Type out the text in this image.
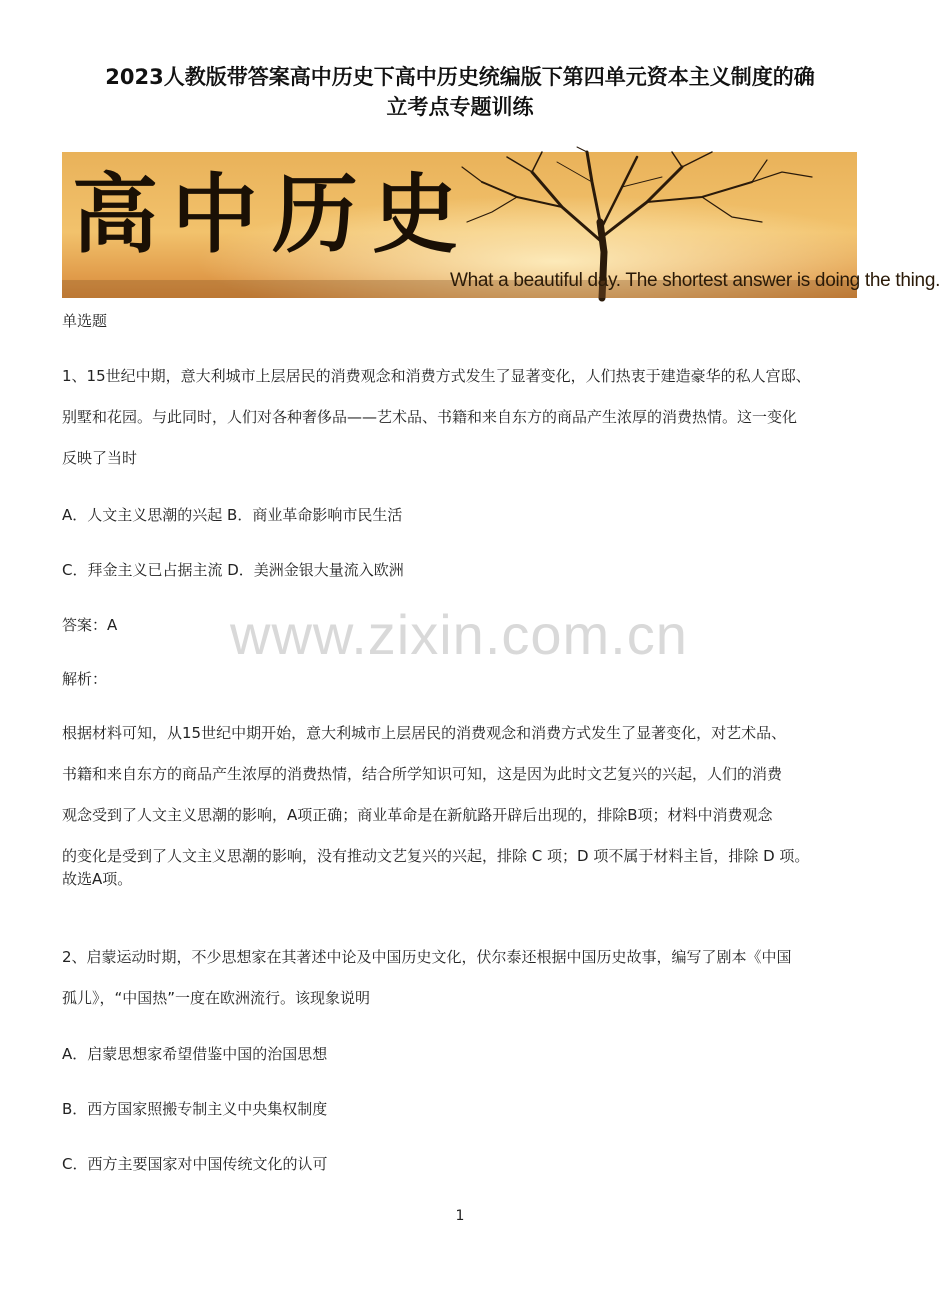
2023人教版带答案高中历史下高中历史统编版下第四单元资本主义制度的确
立考点专题训练
高中历史
What a beautiful day. The shortest answer is doing the thing.
单选题
1、15世纪中期，意大利城市上层居民的消费观念和消费方式发生了显著变化，人们热衷于建造豪华的私人宫邸、
别墅和花园。与此同时，人们对各种奢侈品——艺术品、书籍和来自东方的商品产生浓厚的消费热情。这一变化
反映了当时
A．人文主义思潮的兴起 B．商业革命影响市民生活
C．拜金主义已占据主流 D．美洲金银大量流入欧洲
答案：A
解析：
根据材料可知，从15世纪中期开始，意大利城市上层居民的消费观念和消费方式发生了显著变化，对艺术品、
书籍和来自东方的商品产生浓厚的消费热情，结合所学知识可知，这是因为此时文艺复兴的兴起，人们的消费
观念受到了人文主义思潮的影响，A项正确；商业革命是在新航路开辟后出现的，排除B项；材料中消费观念
的变化是受到了人文主义思潮的影响，没有推动文艺复兴的兴起，排除 C 项；D 项不属于材料主旨，排除 D 项。
故选A项。
2、启蒙运动时期，不少思想家在其著述中论及中国历史文化，伏尔泰还根据中国历史故事，编写了剧本《中国
孤儿》，“中国热”一度在欧洲流行。该现象说明
A．启蒙思想家希望借鉴中国的治国思想
B．西方国家照搬专制主义中央集权制度
C．西方主要国家对中国传统文化的认可
www.zixin.com.cn
1
